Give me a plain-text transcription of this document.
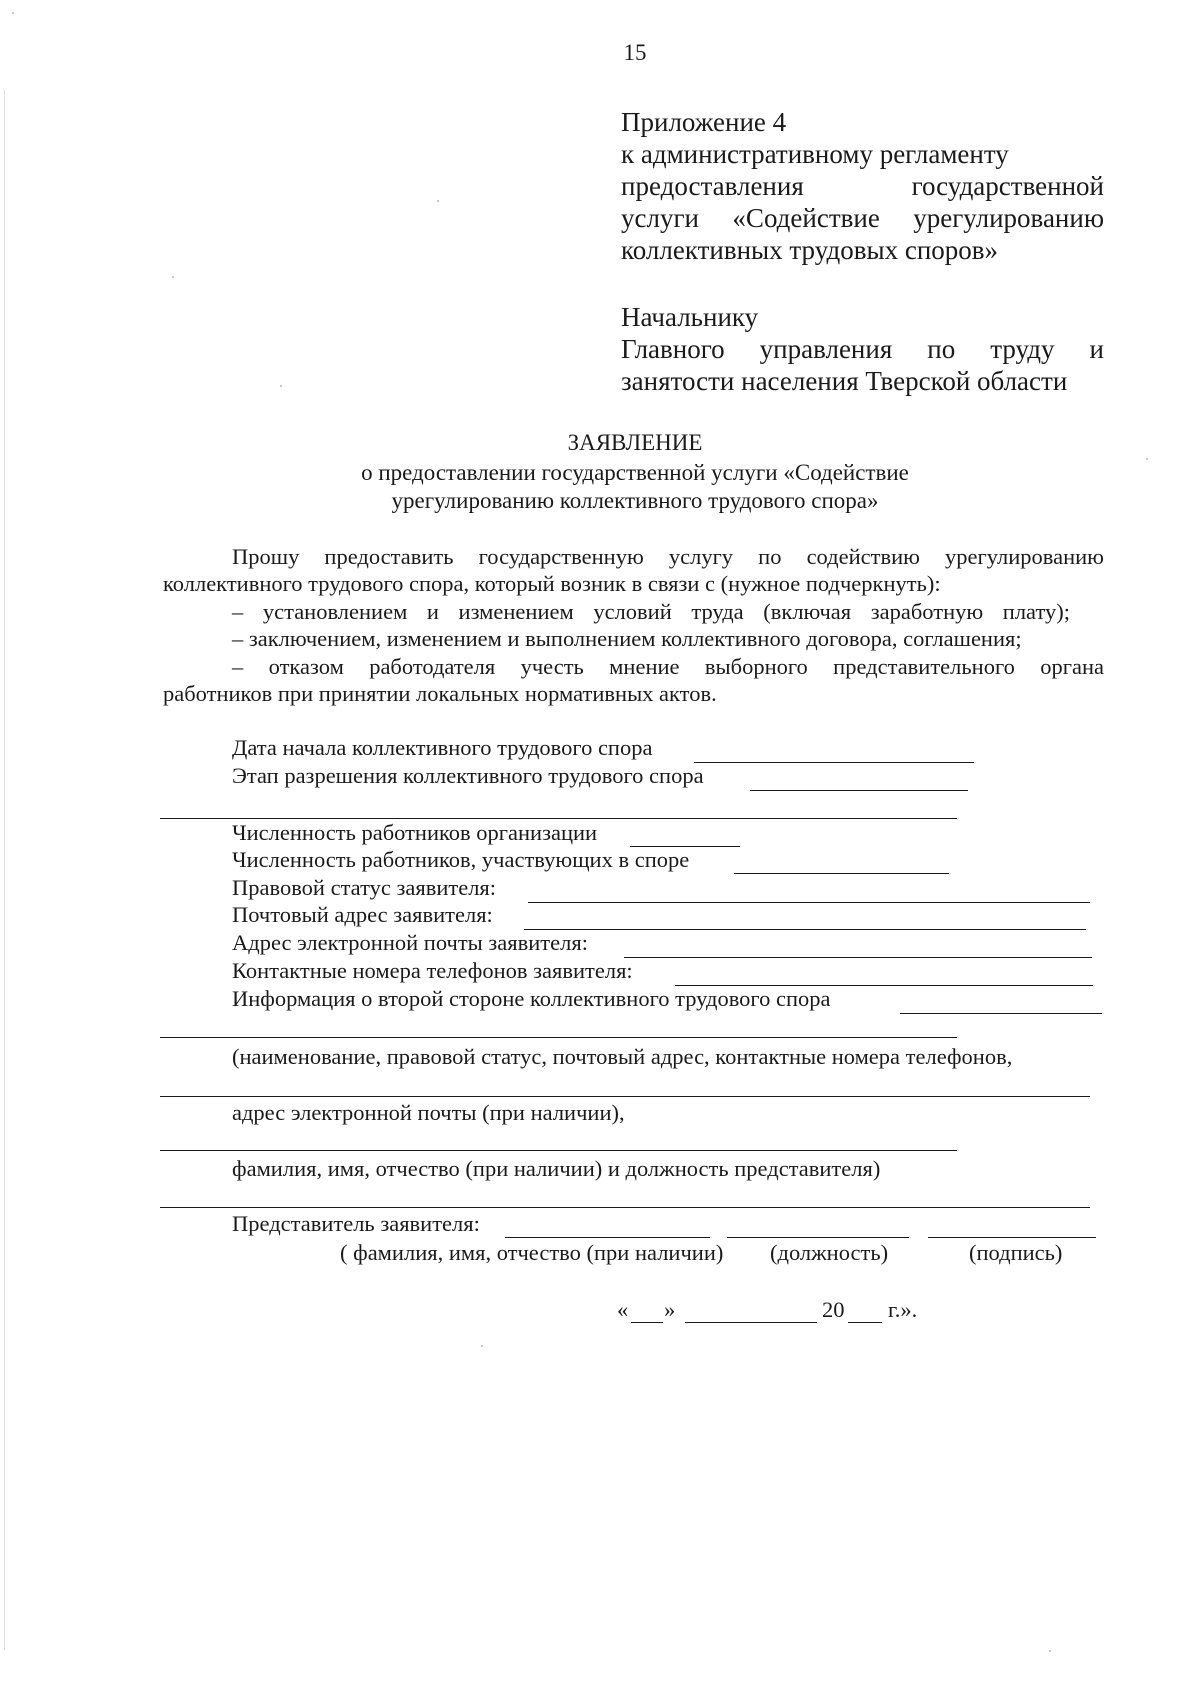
15
Приложение 4
к административному регламенту
предоставления государственной
услуги «Содействие урегулированию
коллективных трудовых споров»
Начальнику
Главного управления по труду и
занятости населения Тверской области
ЗАЯВЛЕНИЕ
о предоставлении государственной услуги «Содействие
урегулированию коллективного трудового спора»
Прошу предоставить государственную услугу по содействию урегулированию
коллективного трудового спора, который возник в связи с (нужное подчеркнуть):
– установлением и изменением условий труда (включая заработную плату);
– заключением, изменением и выполнением коллективного договора, соглашения;
– отказом работодателя учесть мнение выборного представительного органа
работников при принятии локальных нормативных актов.
Дата начала коллективного трудового спора
Этап разрешения коллективного трудового спора
Численность работников организации
Численность работников, участвующих в споре
Правовой статус заявителя:
Почтовый адрес заявителя:
Адрес электронной почты заявителя:
Контактные номера телефонов заявителя:
Информация о второй стороне коллективного трудового спора
(наименование, правовой статус, почтовый адрес, контактные номера телефонов,
адрес электронной почты (при наличии),
фамилия, имя, отчество (при наличии) и должность представителя)
Представитель заявителя:
( фамилия, имя, отчество (при наличии) (должность)	(подпись)
« »	20 г.».
